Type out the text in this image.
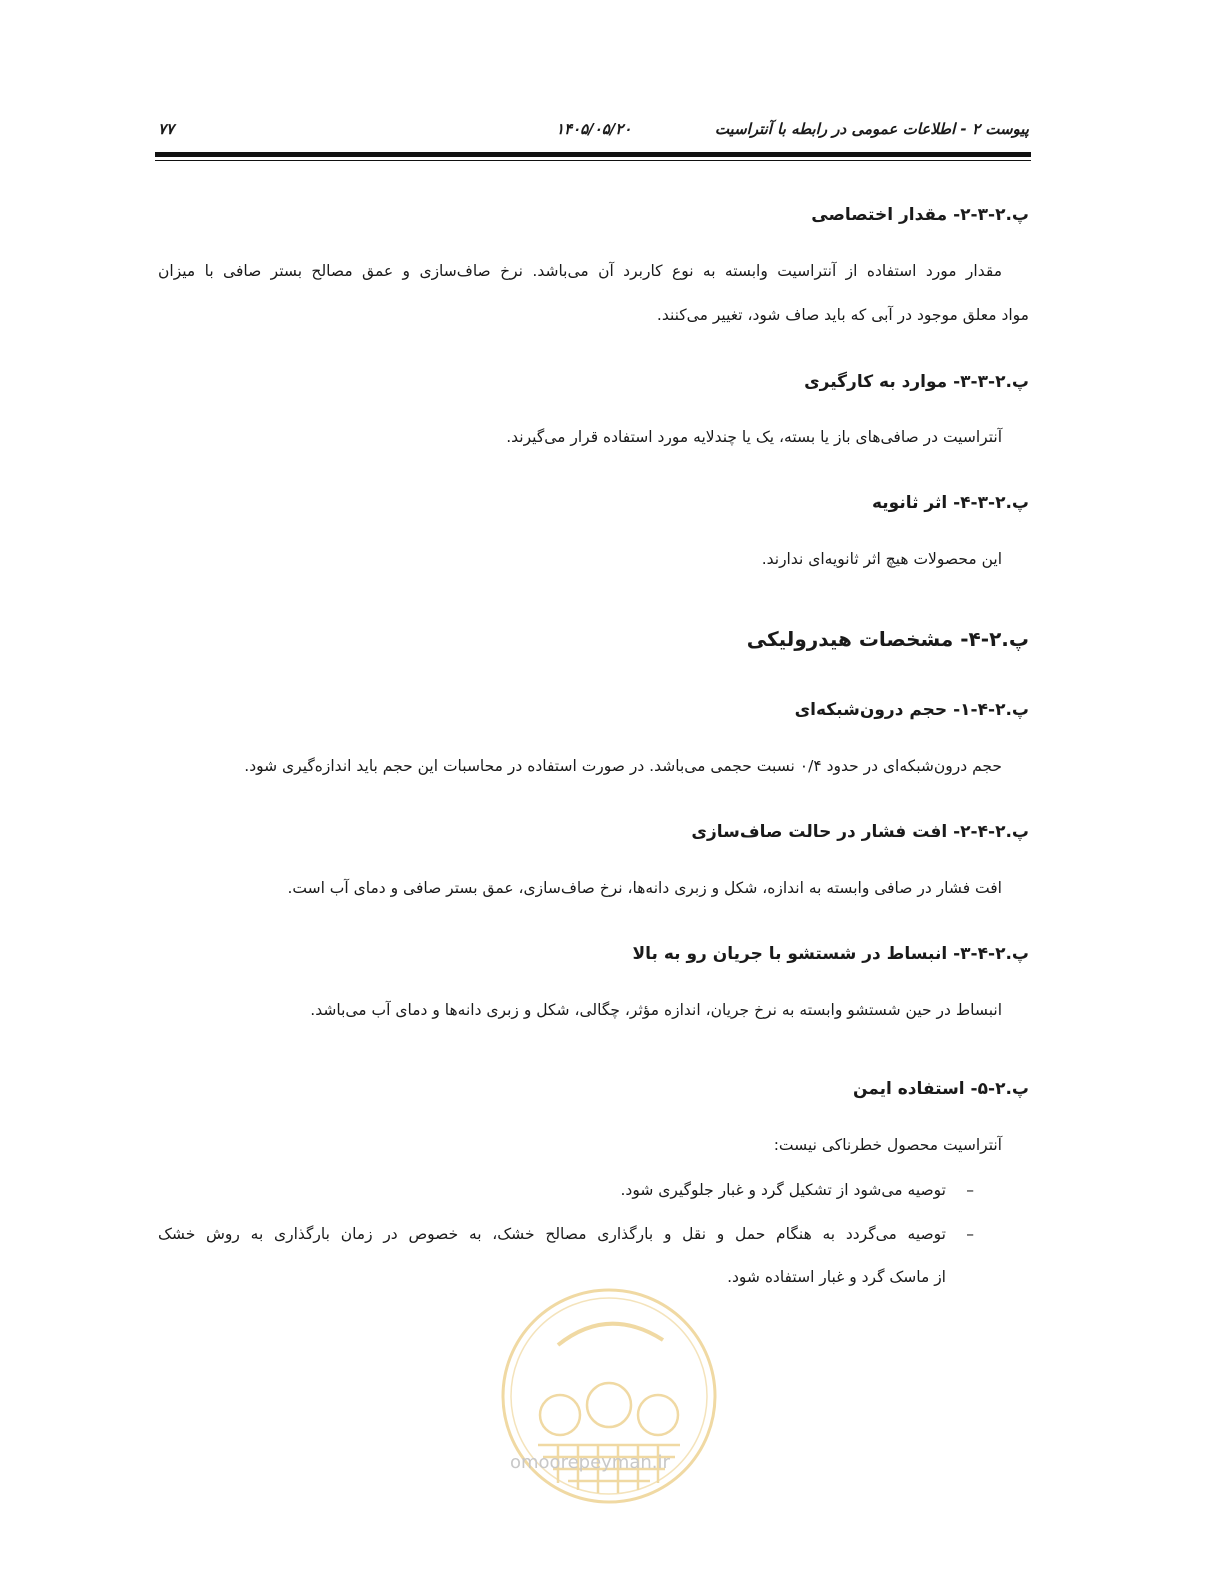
۷۷	۱۴۰۵/۰۵/۲۰	پیوست ۲ - اطلاعات عمومی در رابطه با آنتراسیت
پ.۲-۳-۲- مقدار اختصاصی
مقدار مورد استفاده از آنتراسیت وابسته به نوع کاربرد آن می‌باشد. نرخ صاف‌سازی و عمق مصالح بستر صافی با میزان
مواد معلق موجود در آبی که باید صاف شود، تغییر می‌کنند.
پ.۲-۳-۳- موارد به کارگیری
آنتراسیت در صافی‌های باز یا بسته، یک یا چندلایه مورد استفاده قرار می‌گیرند.
پ.۲-۳-۴- اثر ثانویه
این محصولات هیچ اثر ثانویه‌ای ندارند.
پ.۲-۴- مشخصات هیدرولیکی
پ.۲-۴-۱- حجم درون‌شبکه‌ای
حجم درون‌شبکه‌ای در حدود ۰/۴ نسبت حجمی می‌باشد. در صورت استفاده در محاسبات این حجم باید اندازه‌گیری شود.
پ.۲-۴-۲- افت فشار در حالت صاف‌سازی
افت فشار در صافی وابسته به اندازه، شکل و زبری دانه‌ها، نرخ صاف‌سازی، عمق بستر صافی و دمای آب است.
پ.۲-۴-۳- انبساط در شستشو با جریان رو به بالا
انبساط در حین شستشو وابسته به نرخ جریان، اندازه مؤثر، چگالی، شکل و زبری دانه‌ها و دمای آب می‌باشد.
پ.۲-۵- استفاده ایمن
آنتراسیت محصول خطرناکی نیست:
–
توصیه می‌شود از تشکیل گرد و غبار جلوگیری شود.
–
توصیه می‌گردد به هنگام حمل و نقل و بارگذاری مصالح خشک، به خصوص در زمان بارگذاری به روش خشک
از ماسک گرد و غبار استفاده شود.
omoorepeyman.ir
